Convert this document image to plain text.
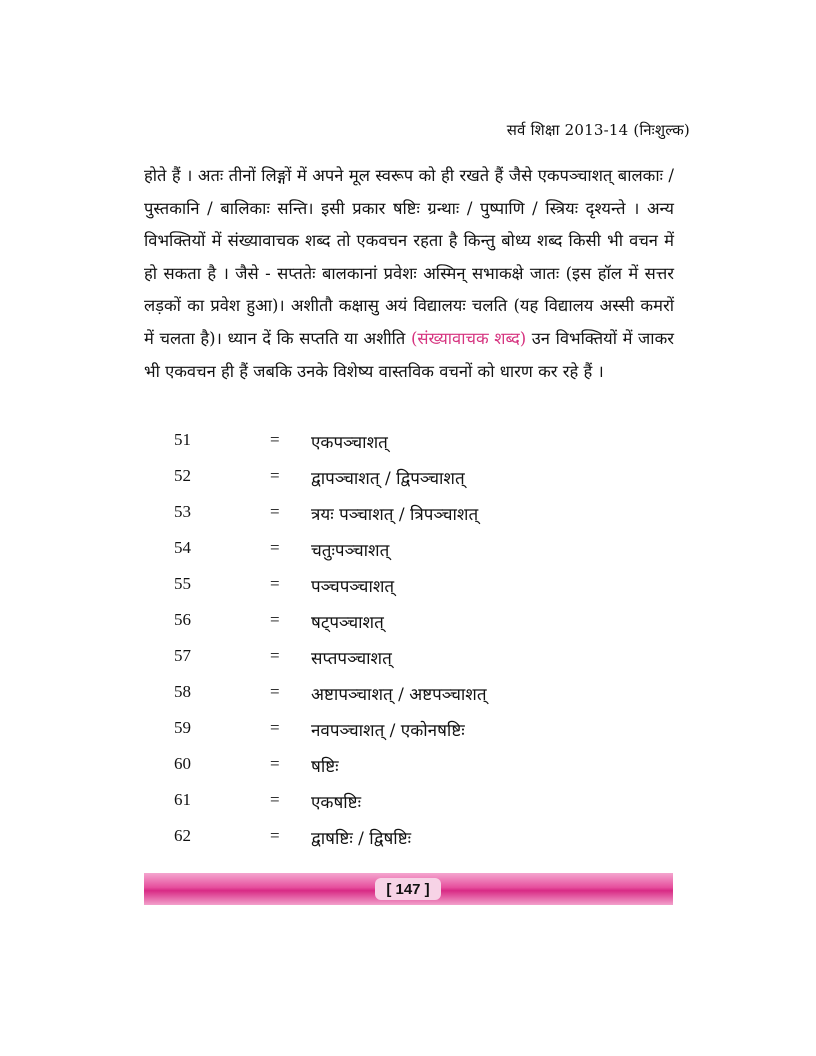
सर्व शिक्षा 2013-14 (निःशुल्क)

होते हैं । अतः तीनों लिङ्गों में अपने मूल स्वरूप को ही रखते हैं जैसे एकपञ्चाशत् बालकाः / पुस्तकानि / बालिकाः सन्ति। इसी प्रकार षष्टिः ग्रन्थाः / पुष्पाणि / स्त्रियः दृश्यन्ते । अन्य विभक्तियों में संख्यावाचक शब्द तो एकवचन रहता है किन्तु बोध्य शब्द किसी भी वचन में हो सकता है । जैसे - सप्ततेः बालकानां प्रवेशः अस्मिन् सभाकक्षे जातः (इस हॉल में सत्तर लड़कों का प्रवेश हुआ)। अशीतौ कक्षासु अयं विद्यालयः चलति (यह विद्यालय अस्सी कमरों में चलता है)। ध्यान दें कि सप्तति या अशीति (संख्यावाचक शब्द) उन विभक्तियों में जाकर भी एकवचन ही हैं जबकि उनके विशेष्य वास्तविक वचनों को धारण कर रहे हैं ।

51	= एकपञ्चाशत्
52	= द्वापञ्चाशत् / द्विपञ्चाशत्
53	= त्रयः पञ्चाशत् / त्रिपञ्चाशत्
54	= चतुःपञ्चाशत्
55	= पञ्चपञ्चाशत्
56	= षट्पञ्चाशत्
57	= सप्तपञ्चाशत्
58	= अष्टापञ्चाशत् / अष्टपञ्चाशत्
59	= नवपञ्चाशत् / एकोनषष्टिः
60	= षष्टिः
61	= एकषष्टिः
62	= द्वाषष्टिः / द्विषष्टिः
[ 147 ]
